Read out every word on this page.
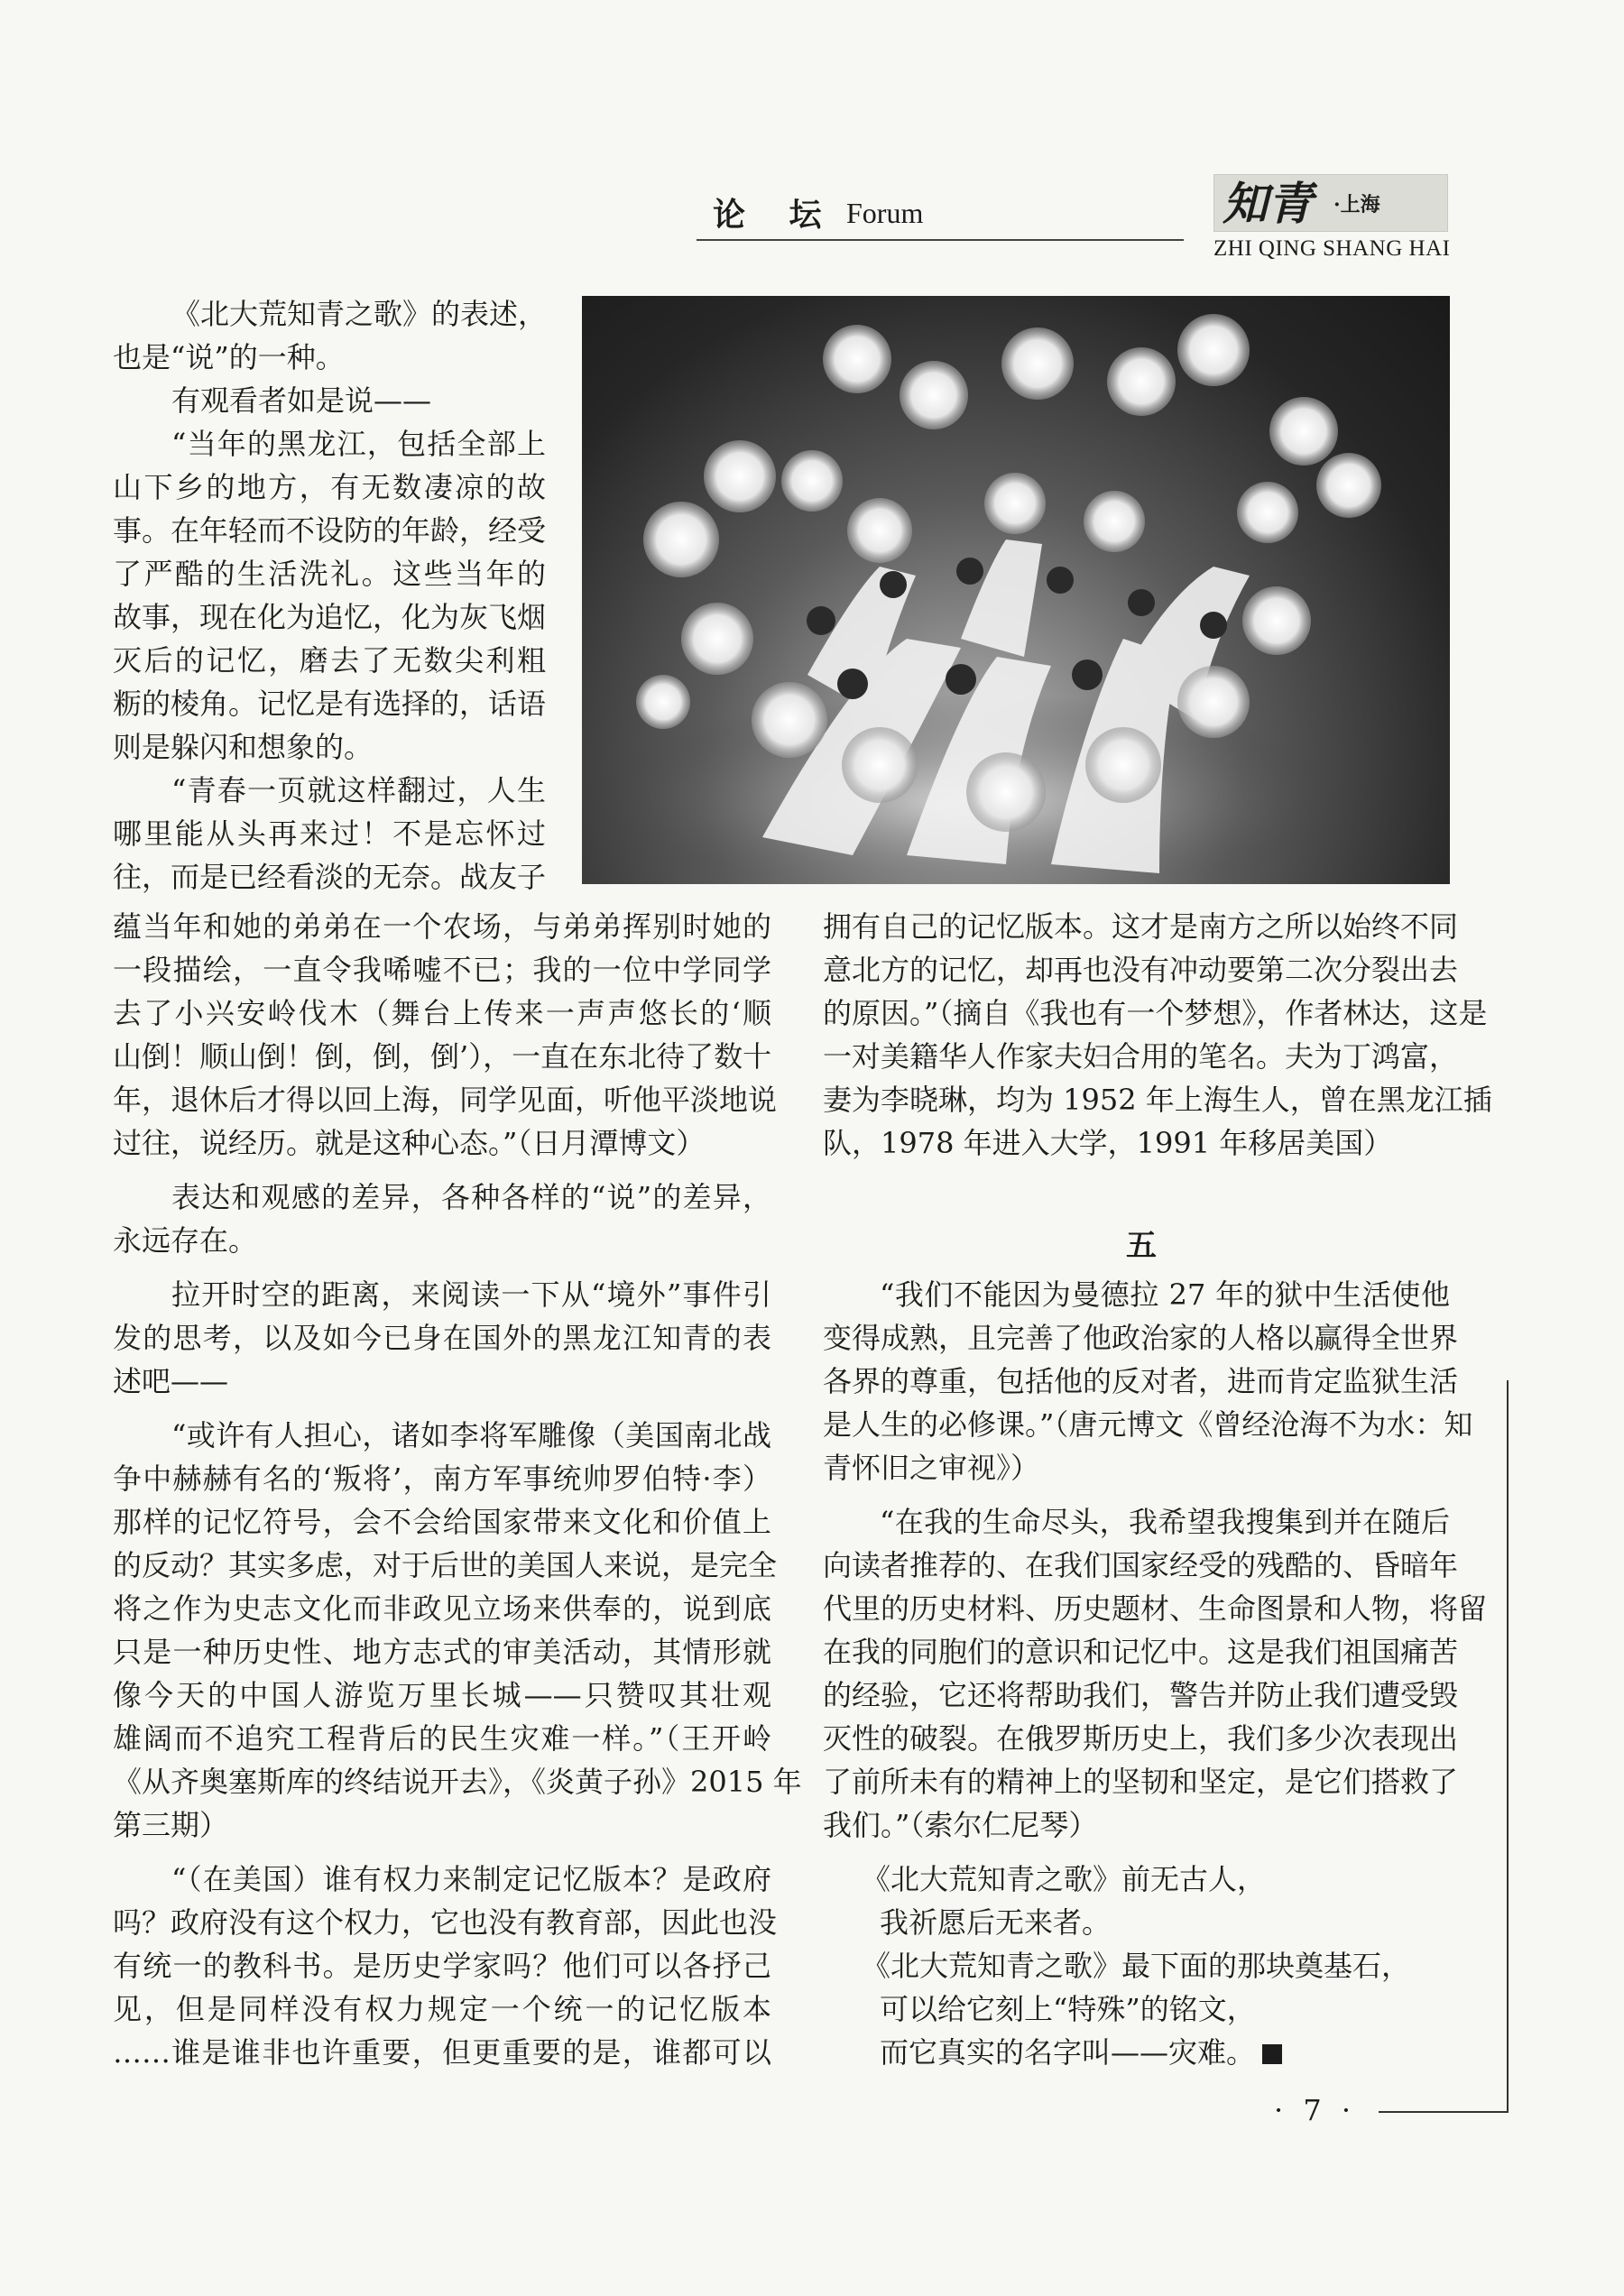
论 坛 Forum	知青 ·上海
ZHI QING SHANG HAI
《北大荒知青之歌》的表述，
也是“说”的一种。
有观看者如是说——
“当年的黑龙江，包括全部上
山下乡的地方，有无数凄凉的故
事。在年轻而不设防的年龄，经受
了严酷的生活洗礼。这些当年的
故事，现在化为追忆，化为灰飞烟
灭后的记忆，磨去了无数尖利粗
粝的棱角。记忆是有选择的，话语
则是躲闪和想象的。
“青春一页就这样翻过，人生
哪里能从头再来过！不是忘怀过
往，而是已经看淡的无奈。战友子
蕴当年和她的弟弟在一个农场，与弟弟挥别时她的
一段描绘，一直令我唏嘘不已；我的一位中学同学
去了小兴安岭伐木（舞台上传来一声声悠长的‘顺
山倒！顺山倒！倒，倒，倒’），一直在东北待了数十
年，退休后才得以回上海，同学见面，听他平淡地说
过往，说经历。就是这种心态。”（日月潭博文）
表达和观感的差异，各种各样的“说”的差异，
永远存在。
拉开时空的距离，来阅读一下从“境外”事件引
发的思考，以及如今已身在国外的黑龙江知青的表
述吧——
“或许有人担心，诸如李将军雕像（美国南北战
争中赫赫有名的‘叛将’，南方军事统帅罗伯特·李）
那样的记忆符号，会不会给国家带来文化和价值上
的反动？其实多虑，对于后世的美国人来说，是完全
将之作为史志文化而非政见立场来供奉的，说到底
只是一种历史性、地方志式的审美活动，其情形就
像今天的中国人游览万里长城——只赞叹其壮观
雄阔而不追究工程背后的民生灾难一样。”（王开岭
《从齐奥塞斯库的终结说开去》，《炎黄子孙》2015 年
第三期）
“（在美国）谁有权力来制定记忆版本？是政府
吗？政府没有这个权力，它也没有教育部，因此也没
有统一的教科书。是历史学家吗？他们可以各抒己
见，但是同样没有权力规定一个统一的记忆版本
……谁是谁非也许重要，但更重要的是，谁都可以
拥有自己的记忆版本。这才是南方之所以始终不同
意北方的记忆，却再也没有冲动要第二次分裂出去
的原因。”（摘自《我也有一个梦想》，作者林达，这是
一对美籍华人作家夫妇合用的笔名。夫为丁鸿富，
妻为李晓琳，均为 1952 年上海生人，曾在黑龙江插
队，1978 年进入大学，1991 年移居美国）
五
“我们不能因为曼德拉 27 年的狱中生活使他
变得成熟，且完善了他政治家的人格以赢得全世界
各界的尊重，包括他的反对者，进而肯定监狱生活
是人生的必修课。”（唐元博文《曾经沧海不为水：知
青怀旧之审视》）
“在我的生命尽头，我希望我搜集到并在随后
向读者推荐的、在我们国家经受的残酷的、昏暗年
代里的历史材料、历史题材、生命图景和人物，将留
在我的同胞们的意识和记忆中。这是我们祖国痛苦
的经验，它还将帮助我们，警告并防止我们遭受毁
灭性的破裂。在俄罗斯历史上，我们多少次表现出
了前所未有的精神上的坚韧和坚定，是它们搭救了
我们。”（索尔仁尼琴）
《北大荒知青之歌》前无古人，
我祈愿后无来者。
《北大荒知青之歌》最下面的那块奠基石，
可以给它刻上“特殊”的铭文，
而它真实的名字叫——灾难。
· 7 ·
